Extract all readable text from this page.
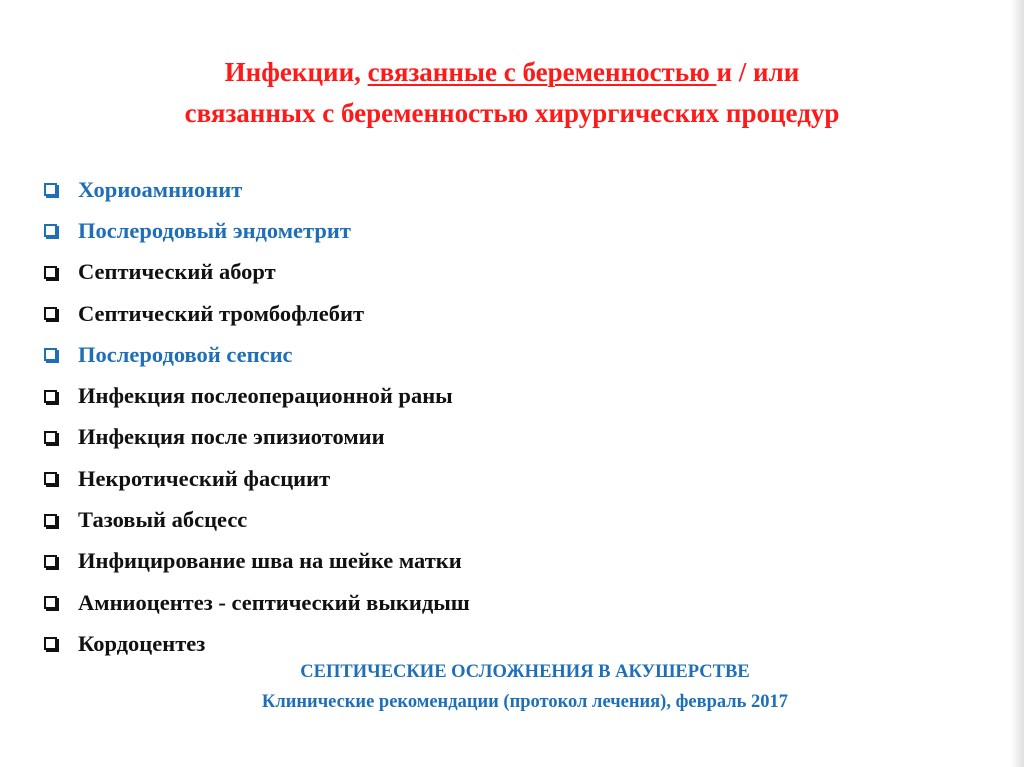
Инфекции, связанные с беременностью и / или
связанных с беременностью хирургических процедур
Хориоамнионит
Послеродовый эндометрит
Септический аборт
Септический тромбофлебит
Послеродовой сепсис
Инфекция послеоперационной раны
Инфекция после эпизиотомии
Некротический фасциит
Тазовый абсцесс
Инфицирование шва на шейке матки
Амниоцентез - септический выкидыш
Кордоцентез

СЕПТИЧЕСКИЕ ОСЛОЖНЕНИЯ В АКУШЕРСТВЕ

Клинические рекомендации (протокол лечения), февраль 2017
